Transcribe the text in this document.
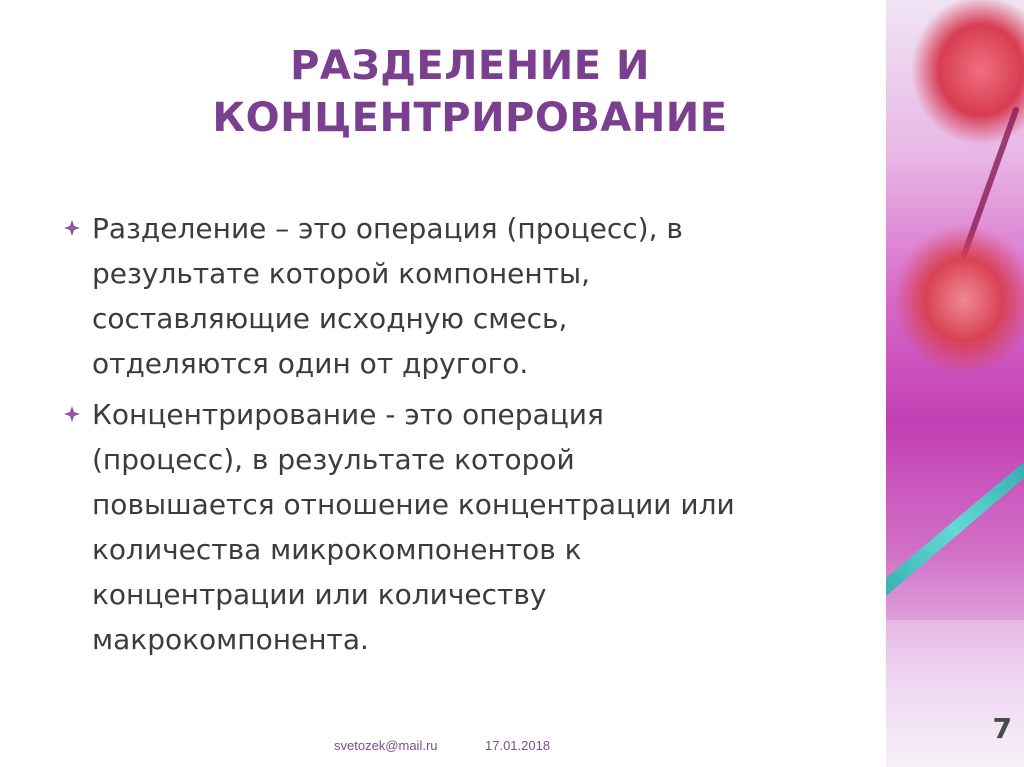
РАЗДЕЛЕНИЕ И
КОНЦЕНТРИРОВАНИЕ
Разделение – это операция (процесс), в
результате которой компоненты,
составляющие исходную смесь,
отделяются один от другого.
Концентрирование - это операция
(процесс), в результате которой
повышается отношение концентрации или
количества микрокомпонентов к
концентрации или количеству
макрокомпонента.
svetozek@mail.ru	17.01.2018
7
